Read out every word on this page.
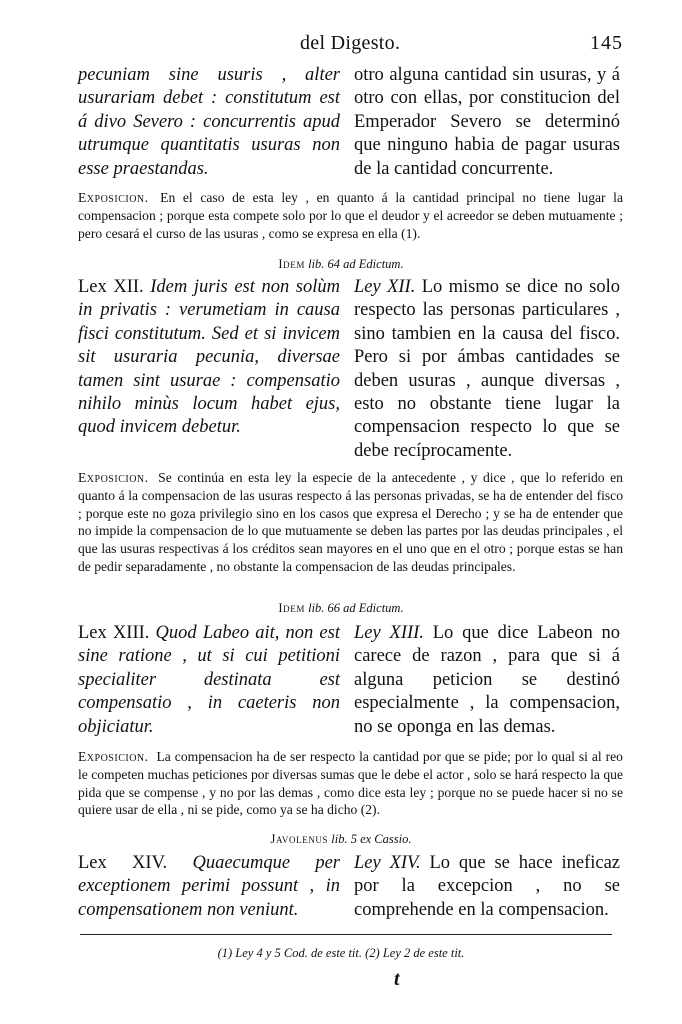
del Digesto.	145
pecuniam sine usuris , alter usurariam debet : constitutum est á divo Severo : concurrentis apud utrumque quantitatis usuras non esse praestandas.
otro alguna cantidad sin usuras, y á otro con ellas, por constitucion del Emperador Severo se determinó que ninguno habia de pagar usuras de la cantidad concurrente.
Exposicion. En el caso de esta ley , en quanto á la cantidad principal no tiene lugar la compensacion ; porque esta compete solo por lo que el deudor y el acreedor se deben mutuamente ; pero cesará el curso de las usuras , como se expresa en ella (1).
Idem lib. 64 ad Edictum.
Lex XII. Idem juris est non solùm in privatis : verumetiam in causa fisci constitutum. Sed et si invicem sit usuraria pecunia, diversae tamen sint usurae : compensatio nihilo minùs locum habet ejus, quod invicem debetur.
Ley XII. Lo mismo se dice no solo respecto las personas particulares , sino tambien en la causa del fisco. Pero si por ámbas cantidades se deben usuras , aunque diversas , esto no obstante tiene lugar la compensacion respecto lo que se debe recíprocamente.
Exposicion. Se continúa en esta ley la especie de la antecedente , y dice , que lo referido en quanto á la compensacion de las usuras respecto á las personas privadas, se ha de entender del fisco ; porque este no goza privilegio sino en los casos que expresa el Derecho ; y se ha de entender que no impide la compensacion de lo que mutuamente se deben las partes por las deudas principales , el que las usuras respectivas á los créditos sean mayores en el uno que en el otro ; porque estas se han de pedir separadamente , no obstante la compensacion de las deudas principales.
Idem lib. 66 ad Edictum.
Lex XIII. Quod Labeo ait, non est sine ratione , ut si cui petitioni specialiter destinata est compensatio , in caeteris non objiciatur.
Ley XIII. Lo que dice Labeon no carece de razon , para que si á alguna peticion se destinó especialmente , la compensacion, no se oponga en las demas.
Exposicion. La compensacion ha de ser respecto la cantidad por que se pide; por lo qual si al reo le competen muchas peticiones por diversas sumas que le debe el actor , solo se hará respecto la que pida que se compense , y no por las demas , como dice esta ley ; porque no se puede hacer si no se quiere usar de ella , ni se pide, como ya se ha dicho (2).
Javolenus lib. 5 ex Cassio.
Lex XIV. Quaecumque per exceptionem perimi possunt , in compensationem non veniunt.
Ley XIV. Lo que se hace ineficaz por la excepcion , no se comprehende en la compensacion.
(1) Ley 4 y 5 Cod. de este tit. (2) Ley 2 de este tit.
t
